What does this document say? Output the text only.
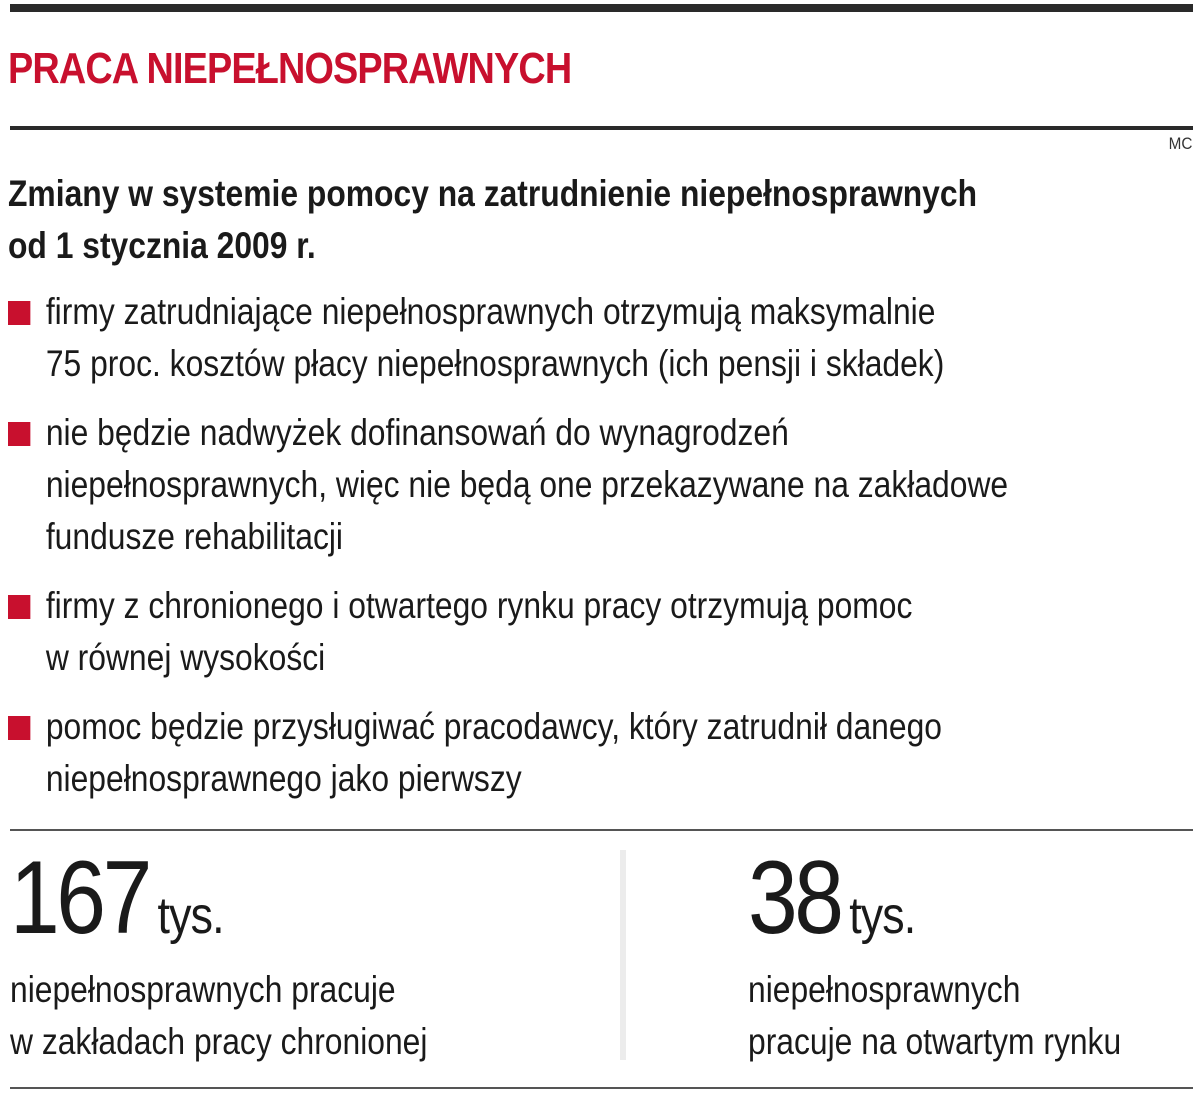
PRACA NIEPEŁNOSPRAWNYCH
MC
Zmiany w systemie pomocy na zatrudnienie niepełnosprawnych
od 1 stycznia 2009 r.
firmy zatrudniające niepełnosprawnych otrzymują maksymalnie
75 proc. kosztów płacy niepełnosprawnych (ich pensji i składek)
nie będzie nadwyżek dofinansowań do wynagrodzeń
niepełnosprawnych, więc nie będą one przekazywane na zakładowe
fundusze rehabilitacji
firmy z chronionego i otwartego rynku pracy otrzymują pomoc
w równej wysokości
pomoc będzie przysługiwać pracodawcy, który zatrudnił danego
niepełnosprawnego jako pierwszy
167 tys.
niepełnosprawnych pracuje
w zakładach pracy chronionej
38 tys.
niepełnosprawnych
pracuje na otwartym rynku
